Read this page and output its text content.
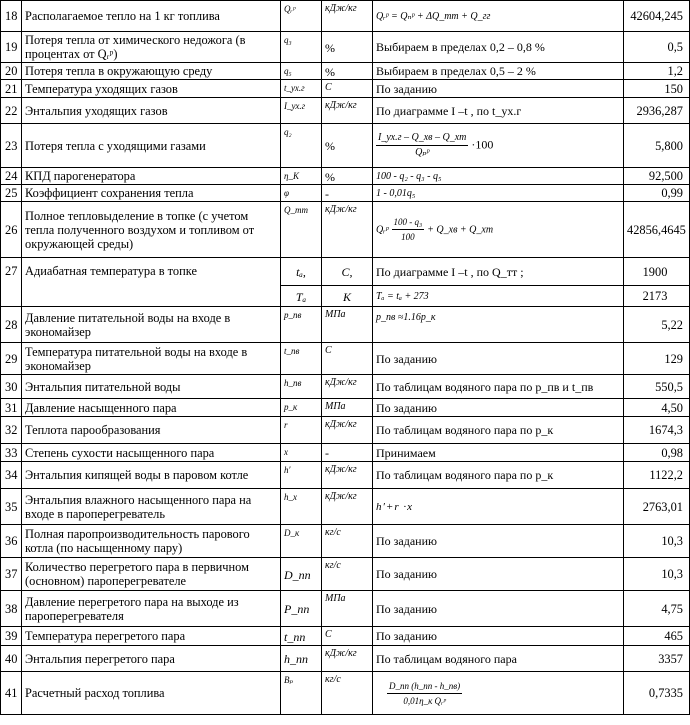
18	Располагаемое тепло на 1 кг топлива	Qᵣᵖ	кДж/кг	Qᵣᵖ = Qₙᵖ + ΔQ_тт + Q_гг	42604,245
19	Потеря тепла от химического недожога (в процентах от Qᵣᵖ)	q₃	%	Выбираем в пределах 0,2 – 0,8 %	0,5
20	Потеря тепла в окружающую среду	q₅	%	Выбираем в пределах 0,5 – 2 %	1,2
21	Температура уходящих газов	t_ух.г	C	По заданию	150
22	Энтальпия уходящих газов	I_ух.г	кДж/кг	По диаграмме I –t , по t_ух.г	2936,287
23	Потеря тепла с уходящими газами	q₂	%	$\frac{I\_ух.г - Q\_хв - Q\_хт}{\text{Qₚᵖ}} \cdot 100$	5,800
24	КПД парогенератора	η_К	%	100 - q₂ - q₃ - q₅	92,500
25	Коэффициент сохранения тепла	φ	-	1 - 0,01q₅	0,99
26	Полное тепловыделение в топке (с учетом тепла полученного воздухом и топливом от окружающей среды)	Q_тт	кДж/кг	Qᵣᵖ $\frac{\text{100 - q₃}}{100}$ + Q_хв + Q_хт	42856,4645
27	Адиабатная температура в топке	tₐ,	C,	По диаграмме I –t , по Q_тт ;	1900
		Tₐ	K	Tₐ = tₐ + 273	2173
28	Давление питательной воды на входе в экономайзер	p_пв	МПа	p_пв ≈1.16p_к	5,22
29	Температура питательной воды на входе в экономайзер	t_пв	C	По заданию	129
30	Энтальпия питательной воды	h_пв	кДж/кг	По таблицам водяного пара по p_пв и t_пв	550,5
31	Давление насыщенного пара	p_к	МПа	По заданию	4,50
32	Теплота парообразования	r	кДж/кг	По таблицам водяного пара по p_к	1674,3
33	Степень сухости насыщенного пара	x	-	Принимаем	0,98
34	Энтальпия кипящей воды в паровом котле	h′	кДж/кг	По таблицам водяного пара по p_к	1122,2
35	Энтальпия влажного насыщенного пара на входе в пароперегреватель	h_х	кДж/кг	h′+r ·x	2763,01
36	Полная паропроизводительность парового котла (по насыщенному пару)	D_к	кг/с	По заданию	10,3
37	Количество перегретого пара в первичном (основном) пароперегревателе	D_пп	кг/с	По заданию	10,3
38	Давление перегретого пара на выходе из пароперегревателя	P_пп	МПа	По заданию	4,75
39	Температура перегретого пара	t_пп	C	По заданию	465
40	Энтальпия перегретого пара	h_пп	кДж/кг	По таблицам водяного пара	3357
41	Расчетный расход топлива	Bₚ	кг/с	$\frac{D\_пп (h\_пп - h\_пв)}{\text{0,01η\_к Qᵣᵖ}}$	0,7335
